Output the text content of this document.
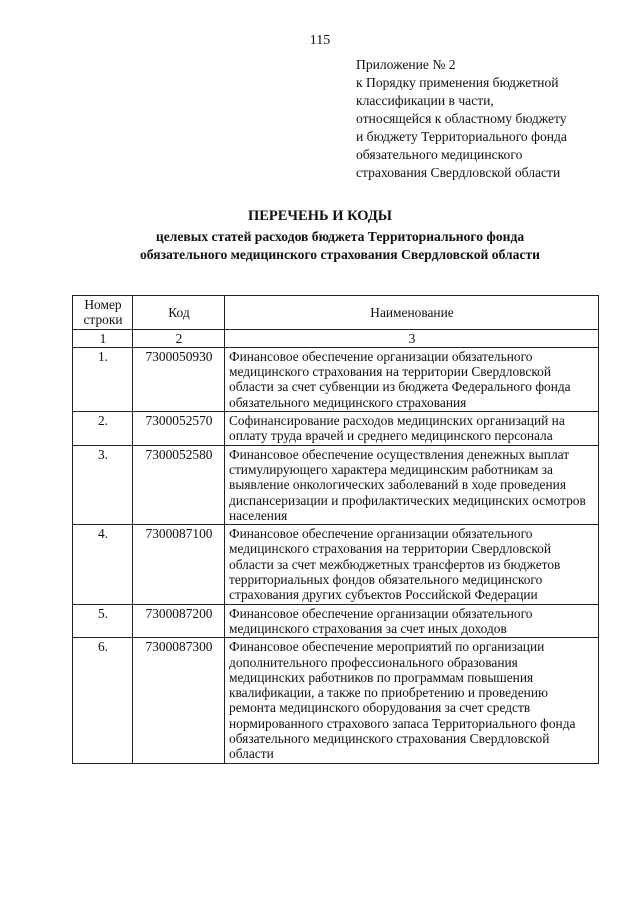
115
Приложение № 2
к Порядку применения бюджетной
классификации в части,
относящейся к областному бюджету
и бюджету Территориального фонда
обязательного медицинского
страхования Свердловской области
ПЕРЕЧЕНЬ И КОДЫ
целевых статей расходов бюджета Территориального фонда
обязательного медицинского страхования Свердловской области
Номер строки	Код	Наименование
1	2	3
1.	7300050930	Финансовое обеспечение организации обязательного медицинского страхования на территории Свердловской области за счет субвенции из бюджета Федерального фонда обязательного медицинского страхования
2.	7300052570	Софинансирование расходов медицинских организаций на оплату труда врачей и среднего медицинского персонала
3.	7300052580	Финансовое обеспечение осуществления денежных выплат стимулирующего характера медицинским работникам за выявление онкологических заболеваний в ходе проведения диспансеризации и профилактических медицинских осмотров населения
4.	7300087100	Финансовое обеспечение организации обязательного медицинского страхования на территории Свердловской области за счет межбюджетных трансфертов из бюджетов территориальных фондов обязательного медицинского страхования других субъектов Российской Федерации
5.	7300087200	Финансовое обеспечение организации обязательного медицинского страхования за счет иных доходов
6.	7300087300	Финансовое обеспечение мероприятий по организации дополнительного профессионального образования медицинских работников по программам повышения квалификации, а также по приобретению и проведению ремонта медицинского оборудования за счет средств нормированного страхового запаса Территориального фонда обязательного медицинского страхования Свердловской области
